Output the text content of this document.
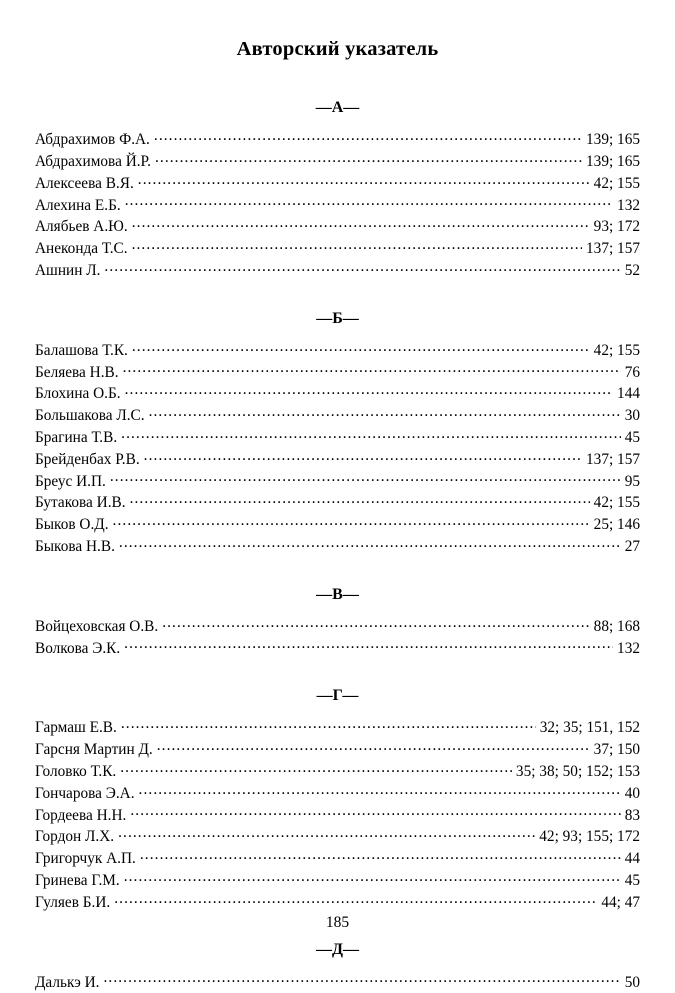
Авторский указатель
—А—
Абдрахимов Ф.А. .....	139; 165
Абдрахимова Й.Р. .....	139; 165
Алексеева В.Я. .....	42; 155
Алехина Е.Б. .....	132
Алябьев А.Ю. .....	93; 172
Анеконда Т.С. .....	137; 157
Ашнин Л. .....	52
—Б—
Балашова Т.К. .....	42; 155
Беляева Н.В. .....	76
Блохина О.Б. .....	144
Большакова Л.С. .....	30
Брагина Т.В. .....	45
Брейденбах Р.В. .....	137; 157
Бреус И.П. .....	95
Бутакова И.В. .....	42; 155
Быков О.Д. .....	25; 146
Быкова Н.В. .....	27
—В—
Войцеховская О.В. .....	88; 168
Волкова Э.К. .....	132
—Г—
Гармаш Е.В. .....	32; 35; 151, 152
Гарсня Мартин Д. .....	37; 150
Головко Т.К. .....	35; 38; 50; 152; 153
Гончарова Э.А. .....	40
Гордеева Н.Н. .....	83
Гордон Л.Х. .....	42; 93; 155; 172
Григорчук А.П. .....	44
Гринева Г.М. .....	45
Гуляев Б.И. .....	44; 47
—Д—
Далькэ И. .....	50
185
